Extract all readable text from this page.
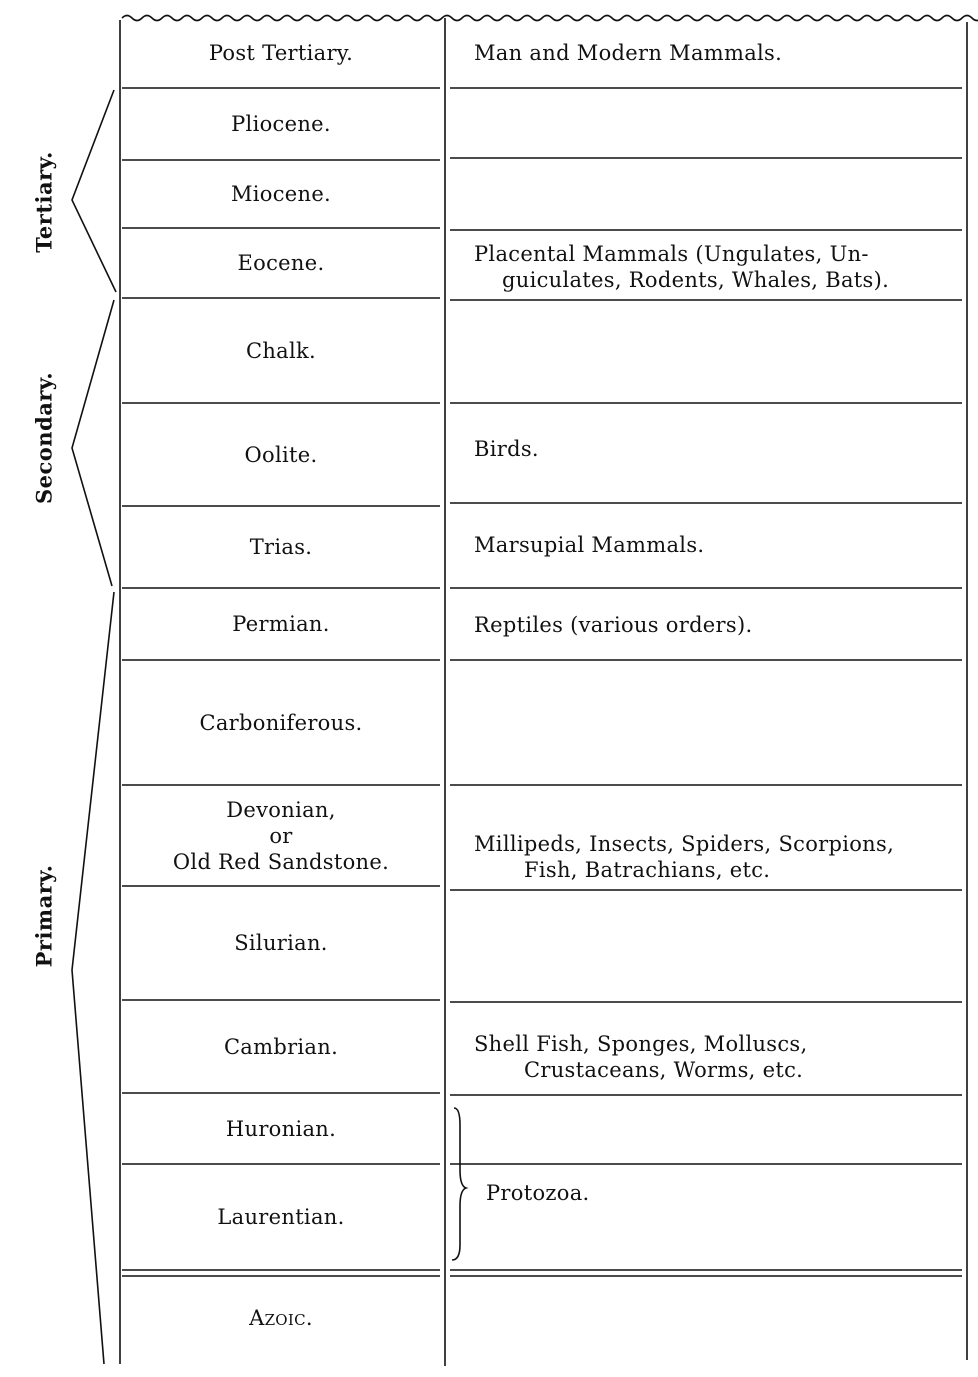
Tertiary.
Secondary.
Primary.
Post Tertiary.
Pliocene.
Miocene.
Eocene.
Chalk.
Oolite.
Trias.
Permian.
Carboniferous.
Devonian,
or
Old Red Sandstone.
Silurian.
Cambrian.
Huronian.
Laurentian.
Azoic.
Man and Modern Mammals.
Placental Mammals (Ungulates, Un-
guiculates, Rodents, Whales, Bats).
Birds.
Marsupial Mammals.
Reptiles (various orders).
Millipeds, Insects, Spiders, Scorpions,
Fish, Batrachians, etc.
Shell Fish, Sponges, Molluscs,
Crustaceans, Worms, etc.
Protozoa.
